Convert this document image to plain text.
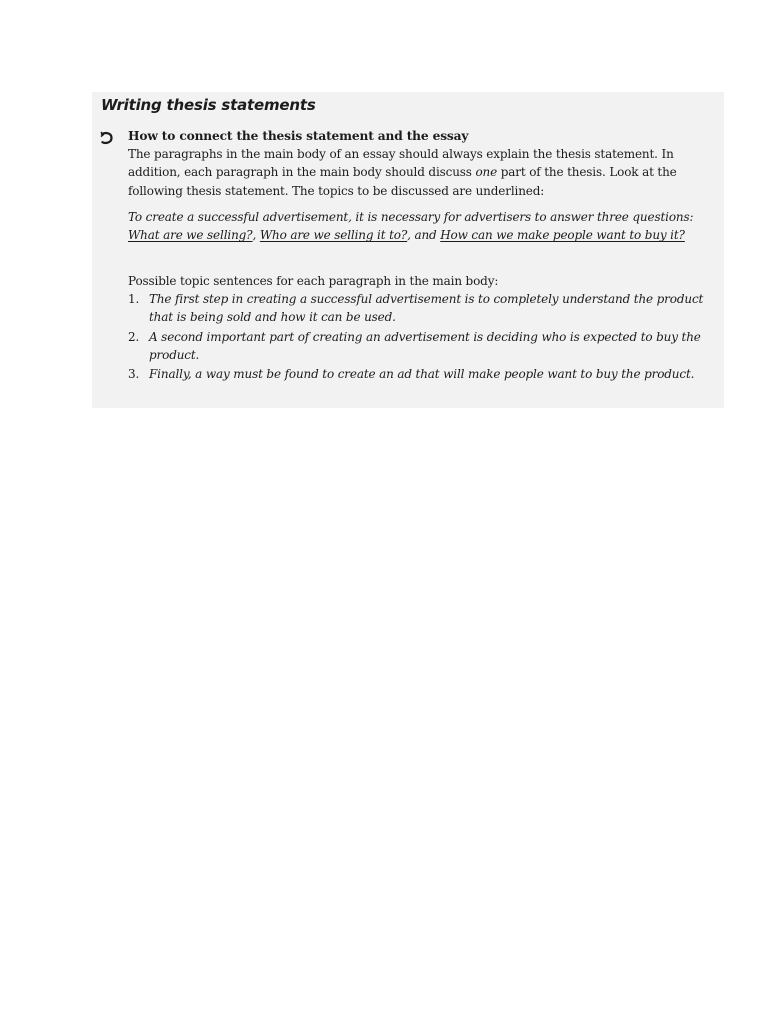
Writing thesis statements

How to connect the thesis statement and the essay

The paragraphs in the main body of an essay should always explain the thesis statement. In addition, each paragraph in the main body should discuss one part of the thesis. Look at the following thesis statement. The topics to be discussed are underlined:

To create a successful advertisement, it is necessary for advertisers to answer three questions: What are we selling?, Who are we selling it to?, and How can we make people want to buy it?

Possible topic sentences for each paragraph in the main body:

1. The first step in creating a successful advertisement is to completely understand the product that is being sold and how it can be used.
2. A second important part of creating an advertisement is deciding who is expected to buy the product.
3. Finally, a way must be found to create an ad that will make people want to buy the product.
